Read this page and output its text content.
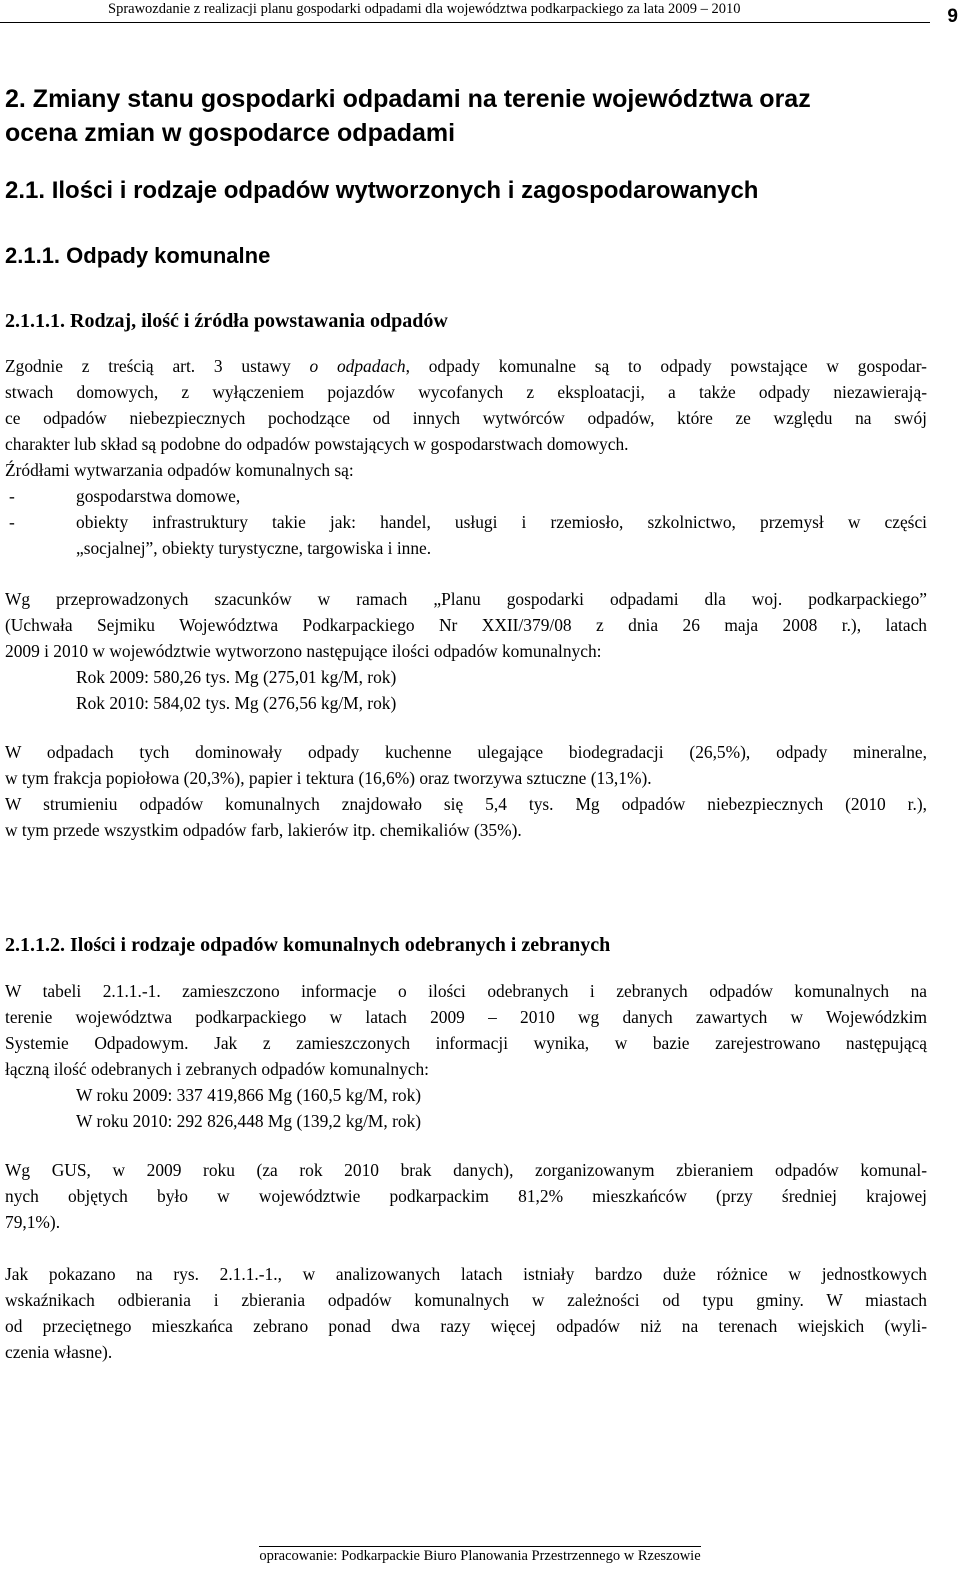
Sprawozdanie z realizacji planu gospodarki odpadami dla województwa podkarpackiego za lata 2009 – 2010	9
2. Zmiany stanu gospodarki odpadami na terenie województwa oraz
ocena zmian w gospodarce odpadami
2.1. Ilości i rodzaje odpadów wytworzonych i zagospodarowanych
2.1.1. Odpady komunalne
2.1.1.1. Rodzaj, ilość i źródła powstawania odpadów
Zgodnie z treścią art. 3 ustawy o odpadach, odpady komunalne są to odpady powstające w gospodar-
stwach domowych, z wyłączeniem pojazdów wycofanych z eksploatacji, a także odpady niezawierają-
ce odpadów niebezpiecznych pochodzące od innych wytwórców odpadów, które ze względu na swój
charakter lub skład są podobne do odpadów powstających w gospodarstwach domowych.
Źródłami wytwarzania odpadów komunalnych są:
-	gospodarstwa domowe,
-	obiekty infrastruktury takie jak: handel, usługi i rzemiosło, szkolnictwo, przemysł w części
„socjalnej”, obiekty turystyczne, targowiska i inne.
Wg przeprowadzonych szacunków w ramach „Planu gospodarki odpadami dla woj. podkarpackiego”
(Uchwała Sejmiku Województwa Podkarpackiego Nr XXII/379/08 z dnia 26 maja 2008 r.), latach
2009 i 2010 w województwie wytworzono następujące ilości odpadów komunalnych:
Rok 2009: 580,26 tys. Mg (275,01 kg/M, rok)
Rok 2010: 584,02 tys. Mg (276,56 kg/M, rok)
W odpadach tych dominowały odpady kuchenne ulegające biodegradacji (26,5%), odpady mineralne,
w tym frakcja popiołowa (20,3%), papier i tektura (16,6%) oraz tworzywa sztuczne (13,1%).
W strumieniu odpadów komunalnych znajdowało się 5,4 tys. Mg odpadów niebezpiecznych (2010 r.),
w tym przede wszystkim odpadów farb, lakierów itp. chemikaliów (35%).
2.1.1.2. Ilości i rodzaje odpadów komunalnych odebranych i zebranych
W tabeli 2.1.1.-1. zamieszczono informacje o ilości odebranych i zebranych odpadów komunalnych na
terenie województwa podkarpackiego w latach 2009 – 2010 wg danych zawartych w Wojewódzkim
Systemie Odpadowym. Jak z zamieszczonych informacji wynika, w bazie zarejestrowano następującą
łączną ilość odebranych i zebranych odpadów komunalnych:
W roku 2009: 337 419,866 Mg (160,5 kg/M, rok)
W roku 2010: 292 826,448 Mg (139,2 kg/M, rok)
Wg GUS, w 2009 roku (za rok 2010 brak danych), zorganizowanym zbieraniem odpadów komunal-
nych objętych było w województwie podkarpackim 81,2% mieszkańców (przy średniej krajowej
79,1%).
Jak pokazano na rys. 2.1.1.-1., w analizowanych latach istniały bardzo duże różnice w jednostkowych
wskaźnikach odbierania i zbierania odpadów komunalnych w zależności od typu gminy. W miastach
od przeciętnego mieszkańca zebrano ponad dwa razy więcej odpadów niż na terenach wiejskich (wyli-
czenia własne).
opracowanie: Podkarpackie Biuro Planowania Przestrzennego w Rzeszowie
